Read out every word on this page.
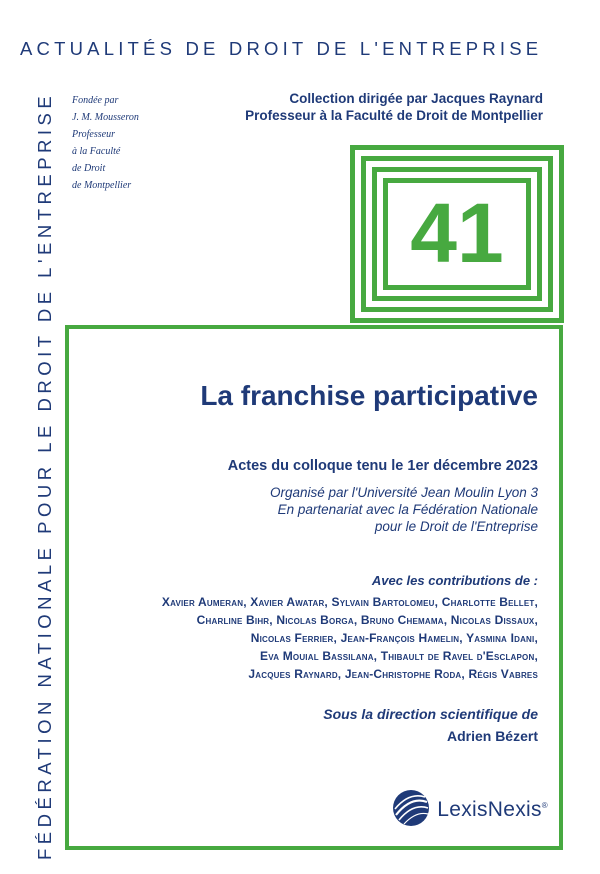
ACTUALITÉS DE DROIT DE L'ENTREPRISE
FÉDÉRATION NATIONALE POUR LE DROIT DE L'ENTREPRISE Fondée par
J. M. Mousseron
Professeur
à la Faculté
de Droit
de Montpellier
Collection dirigée par Jacques Raynard
Professeur à la Faculté de Droit de Montpellier
41
La franchise participative
Actes du colloque tenu le 1er décembre 2023
Organisé par l'Université Jean Moulin Lyon 3
En partenariat avec la Fédération Nationale
pour le Droit de l'Entreprise
Avec les contributions de :
Xavier Aumeran, Xavier Awatar, Sylvain Bartolomeu, Charlotte Bellet,
Charline Bihr, Nicolas Borga, Bruno Chemama, Nicolas Dissaux,
Nicolas Ferrier, Jean-François Hamelin, Yasmina Idani,
Eva Mouial Bassilana, Thibault de Ravel d'Esclapon,
Jacques Raynard, Jean-Christophe Roda, Régis Vabres
Sous la direction scientifique de
Adrien Bézert
LexisNexis®
